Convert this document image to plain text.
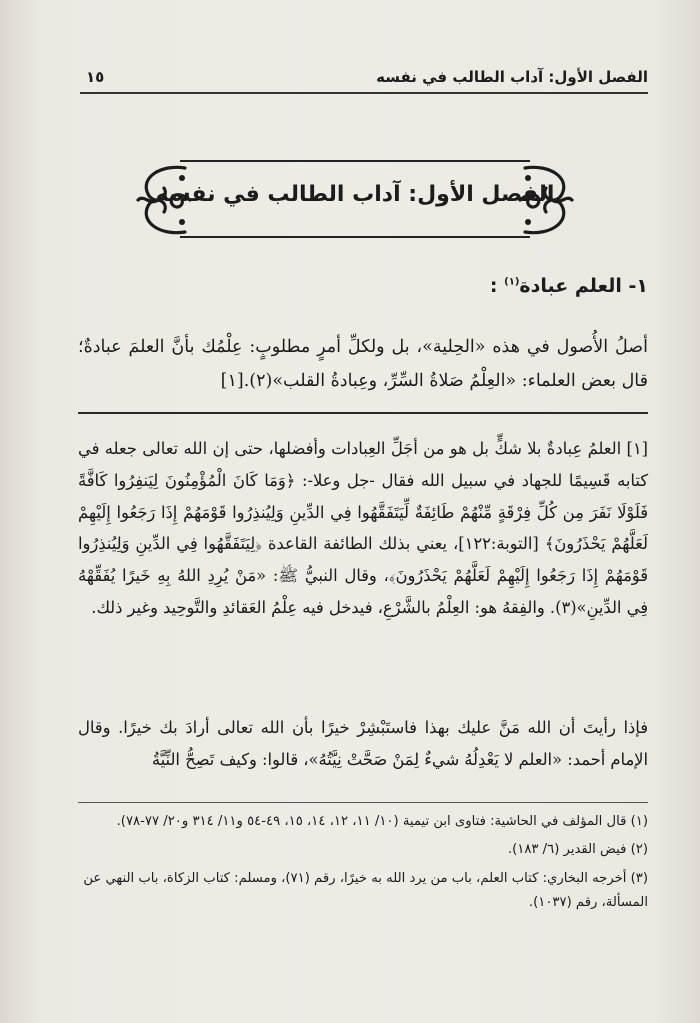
الفصل الأول: آداب الطالب في نفسه
١٥
الفصل الأول: آداب الطالب في نفسه
١- العلم عبادة$^{(١)}$ :

أصلُ الأُصول في هذه «الحِلية»، بل ولكلِّ أمرٍ مطلوبٍ: عِلْمُك بأنَّ العلمَ عبادةٌ؛ قال بعض العلماء: «العِلْمُ صَلاةُ السِّرِّ، وعِبادةُ القلب»(٢).[١]

[١] العلمُ عِبادةٌ بلا شكٍّ بل هو من أجَلِّ العِبادات وأفضلها، حتى إن الله تعالى جعله في كتابه قَسِيمًا للجهاد في سبيل الله فقال -جل وعلا-: ﴿وَمَا كَانَ الْمُؤْمِنُونَ لِيَنفِرُوا كَافَّةً فَلَوْلَا نَفَرَ مِن كُلِّ فِرْقَةٍ مِّنْهُمْ طَائِفَةٌ لِّيَتَفَقَّهُوا فِي الدِّينِ وَلِيُنذِرُوا قَوْمَهُمْ إِذَا رَجَعُوا إِلَيْهِمْ لَعَلَّهُمْ يَحْذَرُونَ﴾ [التوبة:١٢٢]، يعني بذلك الطائفة القاعدة ﴿لِيَتَفَقَّهُوا فِي الدِّينِ وَلِيُنذِرُوا قَوْمَهُمْ إِذَا رَجَعُوا إِلَيْهِمْ لَعَلَّهُمْ يَحْذَرُونَ﴾، وقال النبيُّ ﷺ: «مَنْ يُرِدِ اللهُ بِهِ خَيرًا يُفَقِّهْهُ فِي الدِّينِ»(٣). والفِقهُ هو: العِلْمُ بالشَّرْعِ، فيدخل فيه عِلْمُ العَقائدِ والتَّوحِيد وغير ذلك.

فإذا رأيتَ أن الله مَنَّ عليك بهذا فاستَبْشِرْ خيرًا بأن الله تعالى أرادَ بك خيرًا. وقال الإمام أحمد: «العلم لا يَعْدِلُهُ شيءٌ لِمَنْ صَحَّتْ نِيَّتُهُ»، قالوا: وكيف تَصِحُّ النِّيَّةُ

(١) قال المؤلف في الحاشية: فتاوى ابن تيمية (١٠/ ١١، ١٢، ١٤، ١٥، ٤٩-٥٤ و١١/ ٣١٤ و٢٠/ ٧٧-٧٨).

(٢) فيض القدير (٦/ ١٨٣).

(٣) أخرجه البخاري: كتاب العلم، باب من يرد الله به خيرًا، رقم (٧١)، ومسلم: كتاب الزكاة، باب النهي عن المسألة، رقم (١٠٣٧).
